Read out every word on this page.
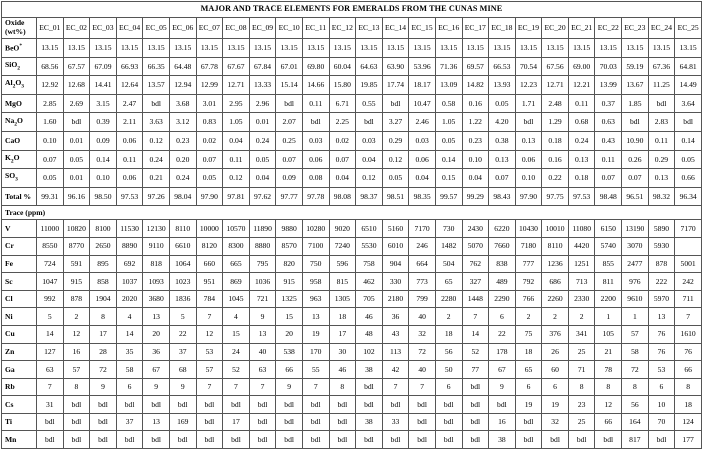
MAJOR AND TRACE ELEMENTS FOR EMERALDS FROM THE CUNAS MINE																									
Oxide
(wt%)	EC_01	EC_02	EC_03	EC_04	EC_05	EC_06	EC_07	EC_08	EC_09	EC_10	EC_11	EC_12	EC_13	EC_14	EC_15	EC_16	EC_17	EC_18	EC_19	EC_20	EC_21	EC_22	EC_23	EC_24	EC_25
BeO*	13.15	13.15	13.15	13.15	13.15	13.15	13.15	13.15	13.15	13.15	13.15	13.15	13.15	13.15	13.15	13.15	13.15	13.15	13.15	13.15	13.15	13.15	13.15	13.15	13.15
SiO$_2$	68.56	67.57	67.09	66.93	66.35	64.48	67.78	67.67	67.84	67.01	69.80	60.04	64.63	63.90	53.96	71.36	69.57	66.53	70.54	67.56	69.00	70.03	59.19	67.36	64.81
$Al_2O_3$	12.92	12.68	14.41	12.64	13.57	12.94	12.99	12.71	13.33	15.14	14.66	15.80	19.85	17.74	18.17	13.09	14.82	13.93	12.23	12.71	12.21	13.99	13.67	11.25	14.49
MgO	2.85	2.69	3.15	2.47	bdl	3.68	3.01	2.95	2.96	bdl	0.11	6.71	0.55	bdl	10.47	0.58	0.16	0.05	1.71	2.48	0.11	0.37	1.85	bdl	3.64
$Na_2O$	1.60	bdl	0.39	2.11	3.63	3.12	0.83	1.05	0.01	2.07	bdl	2.25	bdl	3.27	2.46	1.05	1.22	4.20	bdl	1.29	0.68	0.63	bdl	2.83	bdl
CaO	0.10	0.01	0.09	0.06	0.12	0.23	0.02	0.04	0.24	0.25	0.03	0.02	0.03	0.29	0.03	0.05	0.23	0.38	0.13	0.18	0.24	0.43	10.90	0.11	0.14
$K_2O$	0.07	0.05	0.14	0.11	0.24	0.20	0.07	0.11	0.05	0.07	0.06	0.07	0.04	0.12	0.06	0.14	0.10	0.13	0.06	0.16	0.13	0.11	0.26	0.29	0.05
$SO_3$	0.05	0.01	0.10	0.06	0.21	0.24	0.05	0.12	0.04	0.09	0.08	0.04	0.12	0.05	0.04	0.15	0.04	0.07	0.10	0.22	0.18	0.07	0.07	0.13	0.66
Total %	99.31	96.16	98.50	97.53	97.26	98.04	97.90	97.81	97.62	97.77	97.78	98.08	98.37	98.51	98.35	99.57	99.29	98.43	97.90	97.75	97.53	98.48	96.51	98.32	96.34
Trace (ppm)																									
V	11000	10820	8100	11530	12130	8110	10000	10570	11890	9880	10280	9020	6510	5160	7170	730	2430	6220	10430	10010	11080	6150	13190	5890	7170
Cr	8550	8770	2650	8890	9110	6610	8120	8300	8880	8570	7100	7240	5530	6010	246	1482	5070	7660	7180	8110	4420	5740	3070	5930	
Fe	724	591	895	692	818	1064	660	665	795	820	750	596	758	904	664	504	762	838	777	1236	1251	855	2477	878	5001
Sc	1047	915	858	1037	1093	1023	951	869	1036	915	958	815	462	330	773	65	327	489	792	686	713	811	976	222	242
Cl	992	878	1904	2020	3680	1836	784	1045	721	1325	963	1305	705	2180	799	2280	1448	2290	766	2260	2330	2200	9610	5970	711
Ni	5	2	8	4	13	5	7	4	9	15	13	18	46	36	40	2	7	6	2	2	2	1	1	13	7
Cu	14	12	17	14	20	22	12	15	13	20	19	17	48	43	32	18	14	22	75	376	341	105	57	76	1610
Zn	127	16	28	35	36	37	53	24	40	538	170	30	102	113	72	56	52	178	18	26	25	21	58	76	76
Ga	63	57	72	58	67	68	57	52	63	66	55	46	38	42	40	50	77	67	65	60	71	78	72	53	66
Rb	7	8	9	6	9	9	7	7	7	9	7	8	bdl	7	7	6	bdl	9	6	6	8	8	8	6	8
Cs	31	bdl	bdl	bdl	bdl	bdl	bdl	bdl	bdl	bdl	bdl	bdl	bdl	bdl	bdl	bdl	bdl	bdl	19	19	23	12	56	10	18
Ti	bdl	bdl	bdl	37	13	169	bdl	17	bdl	bdl	bdl	bdl	38	33	bdl	bdl	bdl	16	bdl	32	25	66	164	70	124
Mn	bdl	bdl	bdl	bdl	bdl	bdl	bdl	bdl	bdl	bdl	bdl	bdl	bdl	bdl	bdl	bdl	bdl	38	bdl	bdl	bdl	bdl	817	bdl	177
